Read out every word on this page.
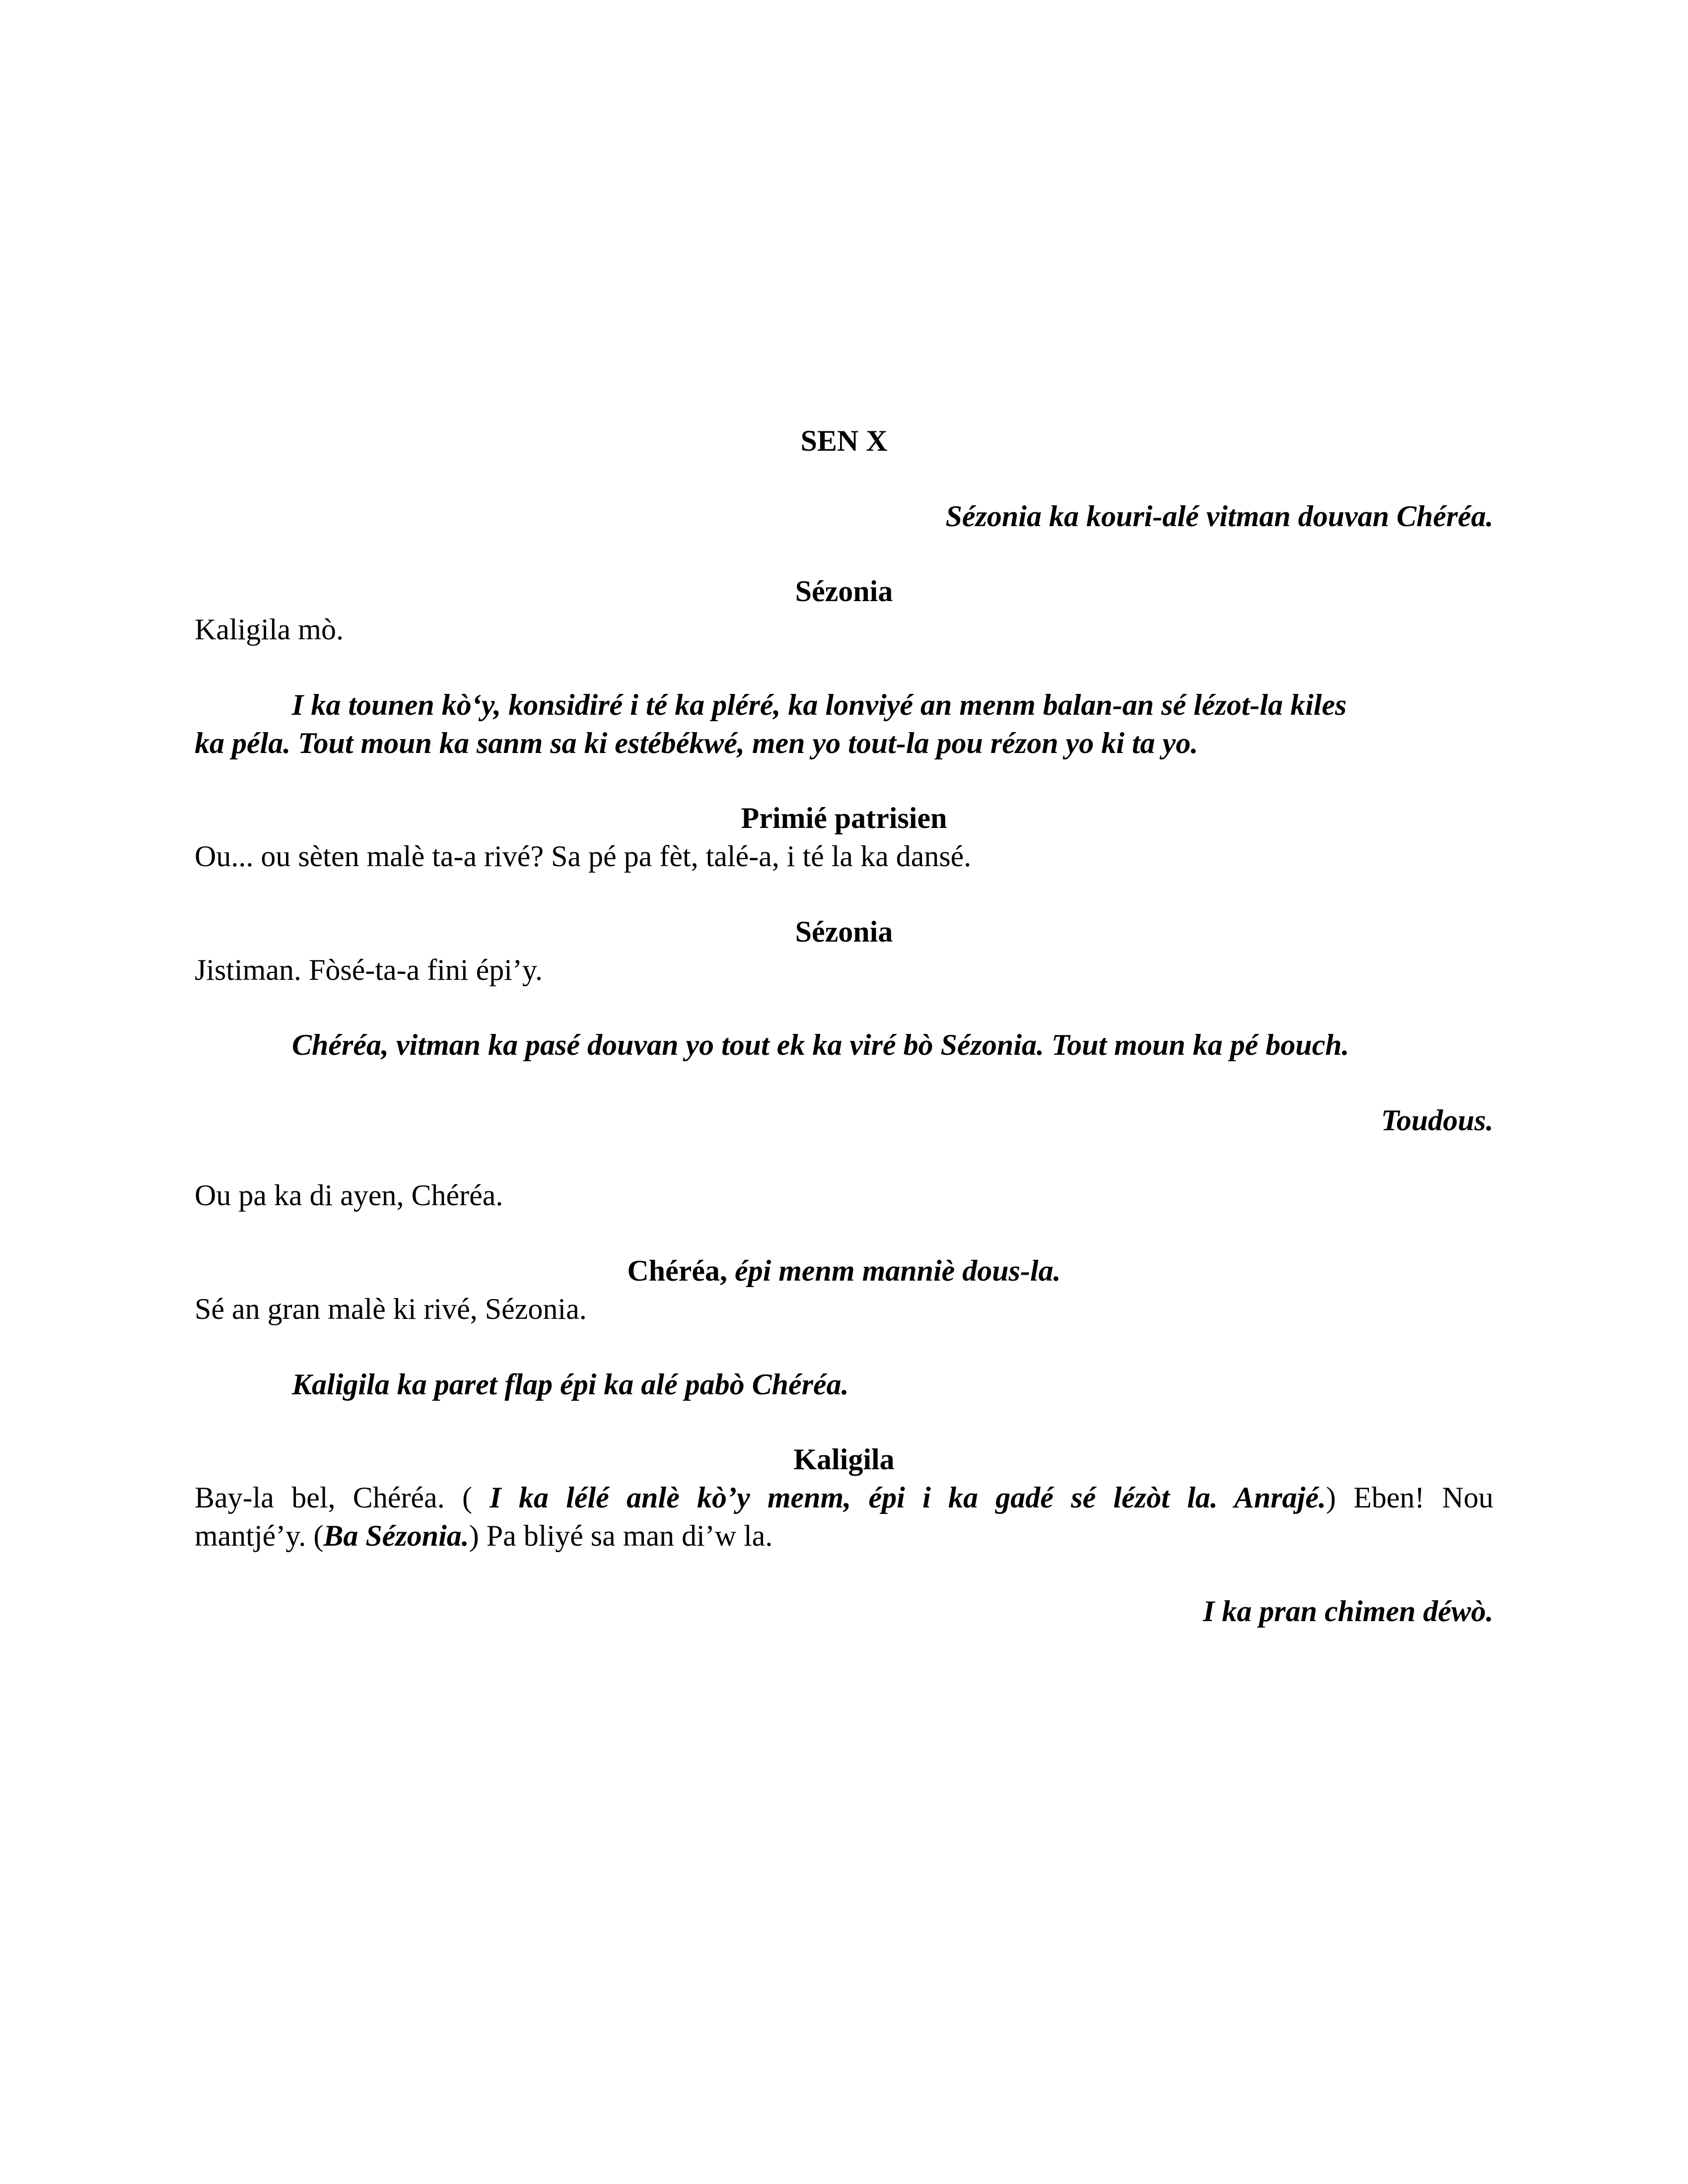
SEN X
Sézonia ka kouri-alé vitman douvan Chéréa.
Sézonia
Kaligila mò.
I ka tounen kò‘y, konsidiré i té ka pléré, ka lonviyé an menm balan-an sé lézot-la kiles
ka péla. Tout moun ka sanm sa ki estébékwé, men yo tout-la pou rézon yo ki ta yo.
Primié patrisien
Ou... ou sèten malè ta-a rivé? Sa pé pa fèt, talé-a, i té la ka dansé.
Sézonia
Jistiman. Fòsé-ta-a fini épi’y.
Chéréa, vitman ka pasé douvan yo tout ek ka viré bò Sézonia. Tout moun ka pé bouch.
Toudous.
Ou pa ka di ayen, Chéréa.
Chéréa, épi menm manniè dous-la.
Sé an gran malè ki rivé, Sézonia.
Kaligila ka paret flap épi ka alé pabò Chéréa.
Kaligila
Bay-la bel, Chéréa. ( I ka lélé anlè kò’y menm, épi i ka gadé sé lézòt la. Anrajé.) Eben! Nou
mantjé’y. (Ba Sézonia.) Pa bliyé sa man di’w la.
I ka pran chimen déwò.
